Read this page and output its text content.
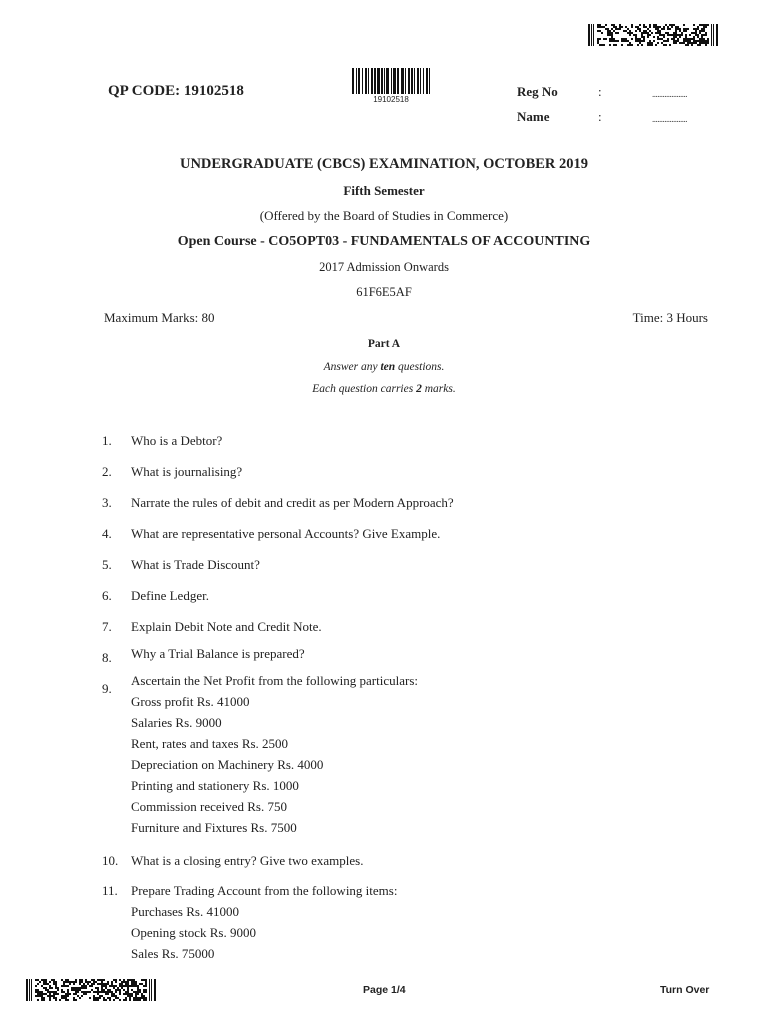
QP CODE: 19102518
19102518
Reg No	:	....................
Name	:	....................
UNDERGRADUATE (CBCS) EXAMINATION, OCTOBER 2019
Fifth Semester
(Offered by the Board of Studies in Commerce)
Open Course - CO5OPT03 - FUNDAMENTALS OF ACCOUNTING
2017 Admission Onwards
61F6E5AF
Maximum Marks: 80	Time: 3 Hours
Part A
Answer any ten questions.
Each question carries 2 marks.
1. Who is a Debtor?
2. What is journalising?
3. Narrate the rules of debit and credit as per Modern Approach?
4. What are representative personal Accounts? Give Example.
5. What is Trade Discount?
6. Define Ledger.
7. Explain Debit Note and Credit Note.
8. Why a Trial Balance is prepared?
9.
Ascertain the Net Profit from the following particulars:
Gross profit Rs. 41000
Salaries Rs. 9000
Rent, rates and taxes Rs. 2500
Depreciation on Machinery Rs. 4000
Printing and stationery Rs. 1000
Commission received Rs. 750
Furniture and Fixtures Rs. 7500
10. What is a closing entry? Give two examples.
11. Prepare Trading Account from the following items:
Purchases Rs. 41000
Opening stock Rs. 9000
Sales Rs. 75000
Page 1/4	Turn Over
